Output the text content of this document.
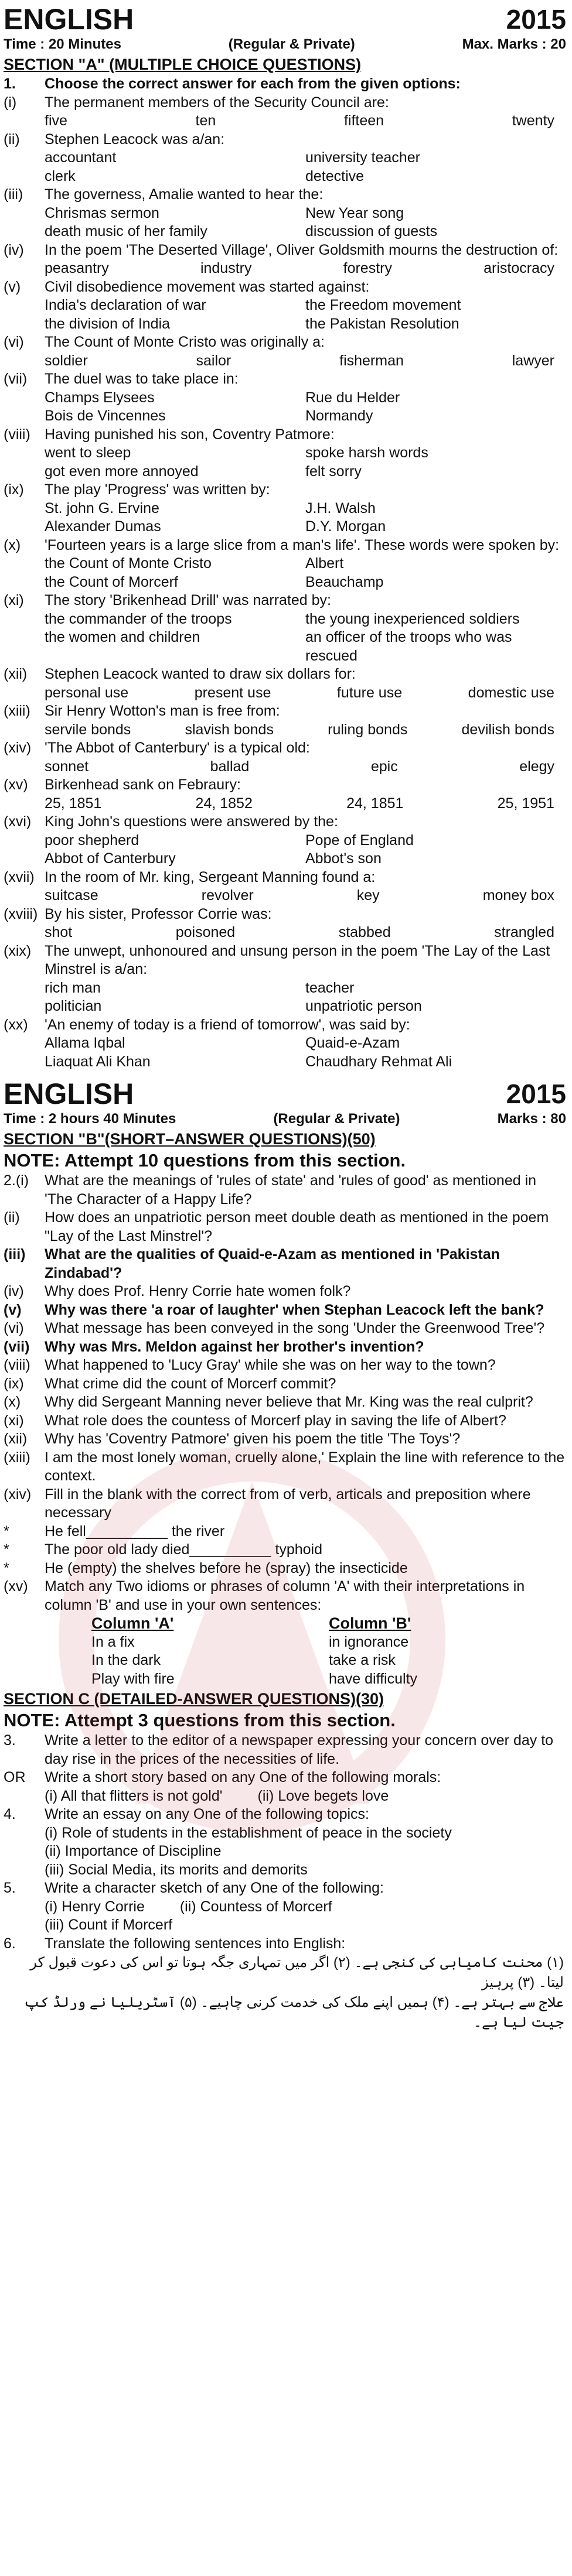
ENGLISH	2015
Time : 20 Minutes	(Regular & Private)	Max. Marks : 20
SECTION "A" (MULTIPLE CHOICE QUESTIONS)
1.	Choose the correct answer for each from the given options:
(i)	The permanent members of the Security Council are:
five	ten	fifteen	twenty
(ii)	Stephen Leacock was a/an:
accountant	university teacher
clerk	detective
(iii)	The governess, Amalie wanted to hear the:
Chrismas sermon	New Year song
death music of her family	discussion of guests
(iv)	In the poem 'The Deserted Village', Oliver Goldsmith mourns the destruction of:
peasantry	industry	forestry	aristocracy
(v)	Civil disobedience movement was started against:
India's declaration of war	the Freedom movement
the division of India	the Pakistan Resolution
(vi)	The Count of Monte Cristo was originally a:
soldier	sailor	fisherman	lawyer
(vii)	The duel was to take place in:
Champs Elysees	Rue du Helder
Bois de Vincennes	Normandy
(viii) Having punished his son, Coventry Patmore:
went to sleep	spoke harsh words
got even more annoyed	felt sorry
(ix)	The play 'Progress' was written by:
St. john G. Ervine	J.H. Walsh
Alexander Dumas	D.Y. Morgan
(x)	'Fourteen years is a large slice from a man's life'. These words were spoken by:
the Count of Monte Cristo	Albert
the Count of Morcerf	Beauchamp
(xi)	The story 'Brikenhead Drill' was narrated by:
the commander of the troops	the young inexperienced soldiers
the women and children	an officer of the troops who was rescued
(xii)	Stephen Leacock wanted to draw six dollars for:
personal use	present use	future use	domestic use
(xiii) Sir Henry Wotton's man is free from:
servile bonds	slavish bonds	ruling bonds	devilish bonds
(xiv) 'The Abbot of Canterbury' is a typical old:
sonnet	ballad	epic	elegy
(xv)	Birkenhead sank on Febraury:
25, 1851	24, 1852	24, 1851	25, 1951
(xvi) King John's questions were answered by the:
poor shepherd	Pope of England
Abbot of Canterbury	Abbot's son
(xvii) In the room of Mr. king, Sergeant Manning found a:
suitcase	revolver	key	money box
(xviii) By his sister, Professor Corrie was:
shot	poisoned	stabbed	strangled
(xix) The unwept, unhonoured and unsung person in the poem 'The Lay of the Last Minstrel is a/an:
rich man	teacher
politician	unpatriotic person
(xx)	'An enemy of today is a friend of tomorrow', was said by:
Allama Iqbal	Quaid-e-Azam
Liaquat Ali Khan	Chaudhary Rehmat Ali
ENGLISH	2015
Time : 2 hours 40 Minutes	(Regular & Private)	Marks : 80
SECTION "B"(SHORT–ANSWER QUESTIONS)(50)
NOTE: Attempt 10 questions from this section.
2.(i)	What are the meanings of 'rules of state' and 'rules of good' as mentioned in 'The Character of a Happy Life?
(ii)	How does an unpatriotic person meet double death as mentioned in the poem "Lay of the Last Minstrel'?
(iii)	What are the qualities of Quaid-e-Azam as mentioned in 'Pakistan Zindabad'?
(iv)	Why does Prof. Henry Corrie hate women folk?
(v)	Why was there 'a roar of laughter' when Stephan Leacock left the bank?
(vi)	What message has been conveyed in the song 'Under the Greenwood Tree'?
(vii)	Why was Mrs. Meldon against her brother's invention?
(viii) What happened to 'Lucy Gray' while she was on her way to the town?
(ix)	What crime did the count of Morcerf commit?
(x)	Why did Sergeant Manning never believe that Mr. King was the real culprit?
(xi)	What role does the countess of Morcerf play in saving the life of Albert?
(xii)	Why has 'Coventry Patmore' given his poem the title 'The Toys'?
(xiii) I am the most lonely woman, cruelly alone,' Explain the line with reference to the context.
(xiv) Fill in the blank with the correct from of verb, articals and preposition where necessary
*	He fell__________ the river
*	The poor old lady died__________ typhoid
*	He (empty) the shelves before he (spray) the insecticide
(xv)	Match any Two idioms or phrases of column 'A' with their interpretations in column 'B' and use in your own sentences:
Column 'A'	Column 'B'
In a fix	in ignorance
In the dark	take a risk
Play with fire	have difficulty
SECTION C (DETAILED-ANSWER QUESTIONS)(30)
NOTE: Attempt 3 questions from this section.
3.	Write a letter to the editor of a newspaper expressing your concern over day to day rise in the prices of the necessities of life.
OR	Write a short story based on any One of the following morals:
(i) All that flitters is not gold' (ii) Love begets love
4.	Write an essay on any One of the following topics:
(i) Role of students in the establishment of peace in the society
(ii) Importance of Discipline
(iii) Social Media, its morits and demorits
5.	Write a character sketch of any One of the following:
(i) Henry Corrie (ii) Countess of Morcerf
(iii) Count if Morcerf
6.	Translate the following sentences into English:
(۱) محنت کامیابی کی کنجی ہے۔ (۲) اگر میں تمہاری جگہ ہوتا تو اس کی دعوت قبول کر لیتا۔ (۳) پرہیز
علاج سے بہتر ہے۔ (۴) ہمیں اپنے ملک کی خدمت کرنی چاہیے۔ (۵) آسٹریلیا نے ورلڈ کپ جیت لیا ہے۔
